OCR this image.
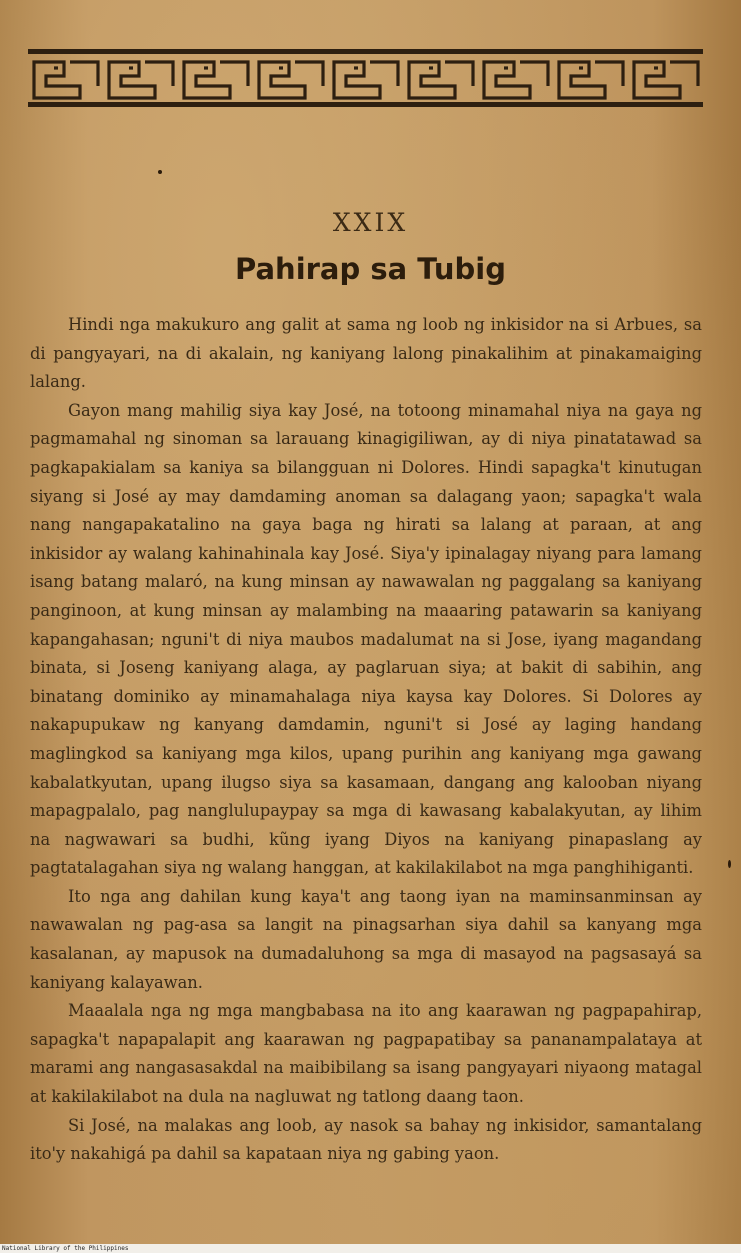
XXIX
Pahirap sa Tubig

Hindi nga makukuro ang galit at sama ng loob ng inkisidor na si Arbues, sa di pangyayari, na di akalain, ng kaniyang lalong pinakalihim at pinakamaiging lalang.

Gayon mang mahilig siya kay José, na totoong minamahal niya na gaya ng pagmamahal ng sinoman sa larauang kinagigiliwan, ay di niya pinatatawad sa pagkapakialam sa kaniya sa bilangguan ni Dolores. Hindi sapagka't kinutugan siyang si José ay may damdaming anoman sa dalagang yaon; sapagka't wala nang nangapakatalino na gaya baga ng hirati sa lalang at paraan, at ang inkisidor ay walang kahinahinala kay José. Siya'y ipinalagay niyang para lamang isang batang malaró, na kung minsan ay nawawalan ng paggalang sa kaniyang panginoon, at kung minsan ay malambing na maaaring patawarin sa kaniyang kapangahasan; nguni't di niya maubos madalumat na si Jose, iyang magandang binata, si Joseng kaniyang alaga, ay paglaruan siya; at bakit di sabihin, ang binatang dominiko ay minamahalaga niya kaysa kay Dolores. Si Dolores ay nakapupukaw ng kanyang damdamin, nguni't si José ay laging handang maglingkod sa kaniyang mga kilos, upang purihin ang kaniyang mga gawang kabalatkyutan, upang ilugso siya sa kasamaan, dangang ang kalooban niyang mapagpalalo, pag nanglulupaypay sa mga di kawasang kabalakyutan, ay lihim na nagwawari sa budhi, kũng iyang Diyos na kaniyang pinapaslang ay pagtatalagahan siya ng walang hanggan, at kakilakilabot na mga panghihiganti.

Ito nga ang dahilan kung kaya't ang taong iyan na maminsanminsan ay nawawalan ng pag-asa sa langit na pinagsarhan siya dahil sa kanyang mga kasalanan, ay mapusok na dumadaluhong sa mga di masayod na pagsasayá sa kaniyang kalayawan.

Maaalala nga ng mga mangbabasa na ito ang kaarawan ng pagpapahirap, sapagka't napapalapit ang kaarawan ng pagpapatibay sa pananampalataya at marami ang nangasasakdal na maibibilang sa isang pangyayari niyaong matagal at kakilakilabot na dula na nagluwat ng tatlong daang taon.

Si José, na malakas ang loob, ay nasok sa bahay ng inkisidor, samantalang ito'y nakahigá pa dahil sa kapataan niya ng gabing yaon.

National Library of the Philippines
